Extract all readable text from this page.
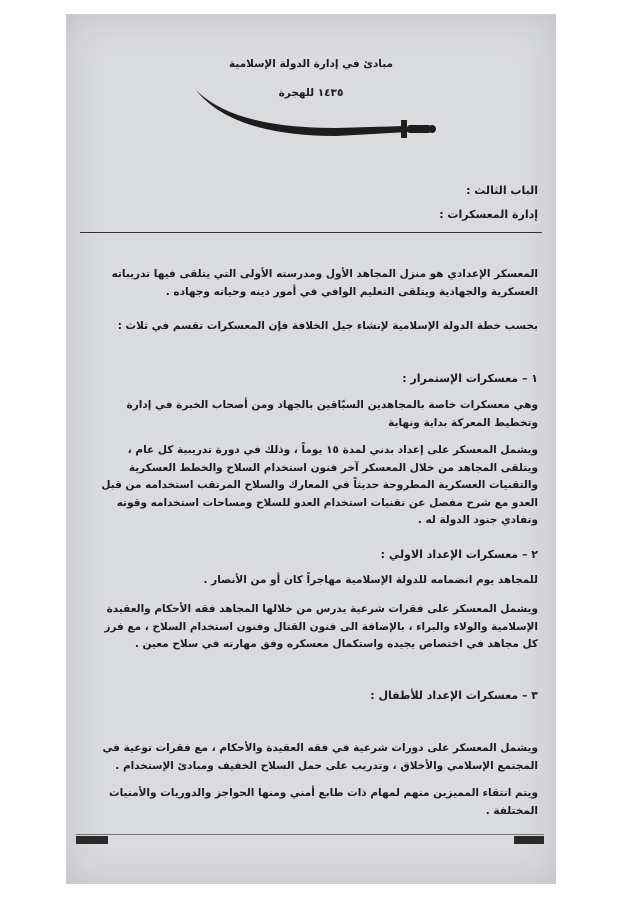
مبادئ في إدارة الدولة الإسلامية
١٤٣٥ للهجرة
الباب الثالث :
إدارة المعسكرات :
المعسكر الإعدادي هو منزل المجاهد الأول ومدرسته الأولى التي يتلقى فيها تدريباته العسكرية والجهادية ويتلقى التعليم الوافي في أمور دينه وحياته وجهاده .
بحسب خطة الدولة الإسلامية لإنشاء جيل الخلافة فإن المعسكرات تقسم في ثلاث :
١ – معسكرات الإستمرار :
وهي معسكرات خاصة بالمجاهدين السبّاقين بالجهاد ومن أصحاب الخبرة في إدارة وتخطيط المعركة بداية ونهاية
ويشمل المعسكر على إعداد بدني لمدة ١٥ يوماً ، وذلك في دورة تدريبية كل عام ، ويتلقى المجاهد من خلال المعسكر آخر فنون استخدام السلاح والخطط العسكرية والتقنيات العسكرية المطروحة حديثاً في المعارك والسلاح المرتقب استخدامه من قبل العدو مع شرح مفصل عن تقنيات استخدام العدو للسلاح ومساحات استخدامه وقوته وتفادي جنود الدولة له .
٢ – معسكرات الإعداد الاولي :
للمجاهد يوم انضمامه للدولة الإسلامية مهاجراً كان أو من الأنصار .
ويشمل المعسكر على فقرات شرعية يدرس من خلالها المجاهد فقه الأحكام والعقيدة الإسلامية والولاء والبراء ، بالإضافة الى فنون القتال وفنون استخدام السلاح ، مع فرز كل مجاهد في اختصاص يجيده واستكمال معسكره وفق مهارته في سلاح معين .
٣ – معسكرات الإعداد للأطفال :
ويشمل المعسكر على دورات شرعية في فقه العقيدة والأحكام ، مع فقرات توعية في المجتمع الإسلامي والأخلاق ، وتدريب على حمل السلاح الخفيف ومبادئ الإستخدام .
ويتم انتقاء المميزين منهم لمهام ذات طابع أمني ومنها الحواجز والدوريات والأمنيات المختلفة .
